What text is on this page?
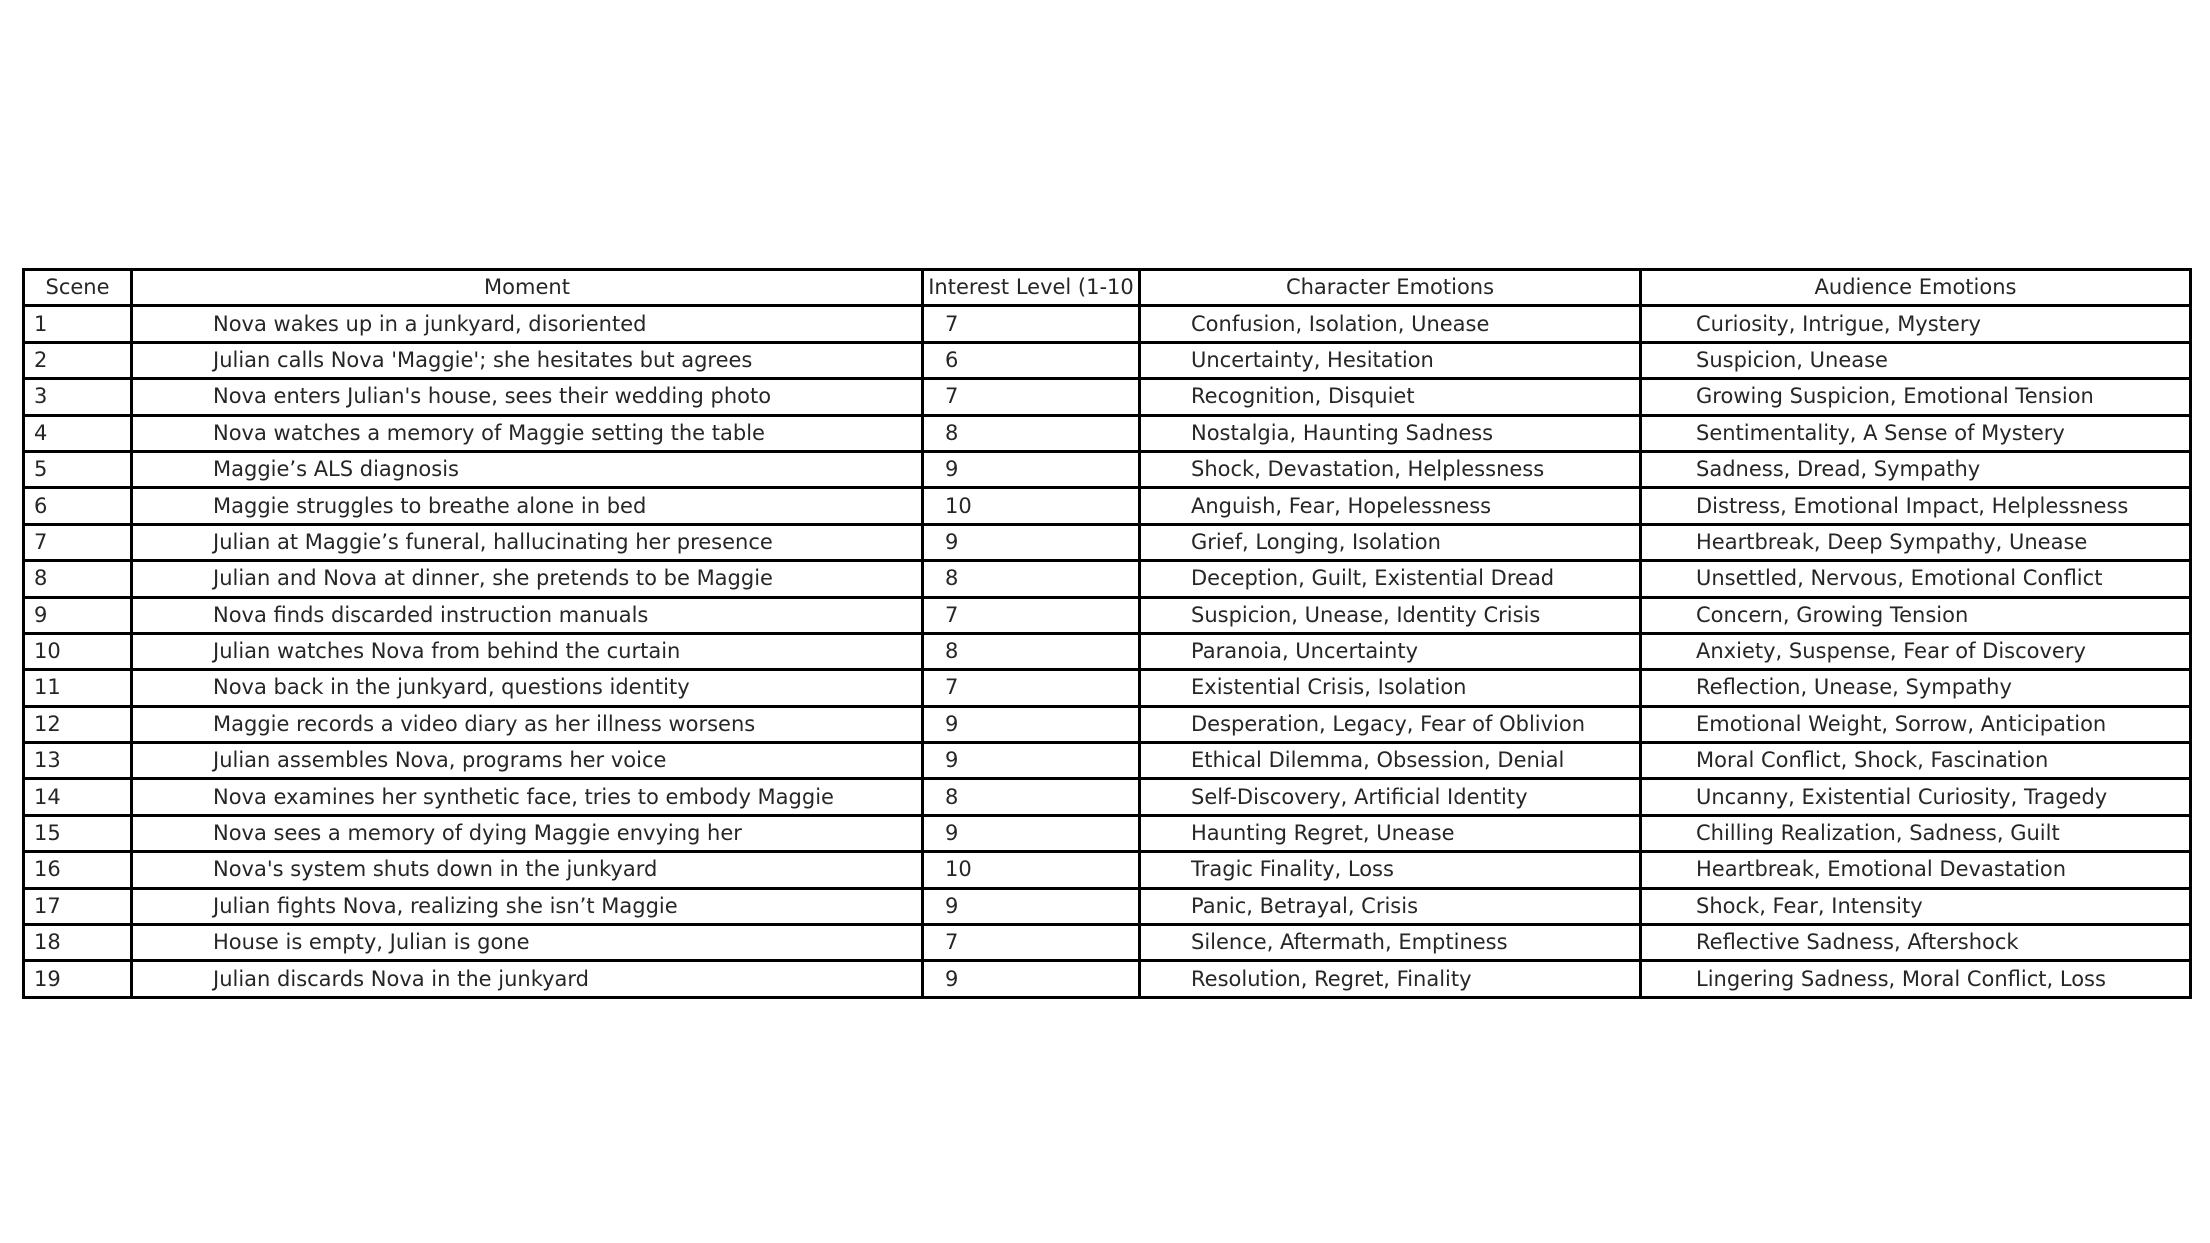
Scene	Moment	Interest Level (1-10	Character Emotions	Audience Emotions
1	Nova wakes up in a junkyard, disoriented	7	Confusion, Isolation, Unease	Curiosity, Intrigue, Mystery
2	Julian calls Nova 'Maggie'; she hesitates but agrees	6	Uncertainty, Hesitation	Suspicion, Unease
3	Nova enters Julian's house, sees their wedding photo	7	Recognition, Disquiet	Growing Suspicion, Emotional Tension
4	Nova watches a memory of Maggie setting the table	8	Nostalgia, Haunting Sadness	Sentimentality, A Sense of Mystery
5	Maggie’s ALS diagnosis	9	Shock, Devastation, Helplessness	Sadness, Dread, Sympathy
6	Maggie struggles to breathe alone in bed	10	Anguish, Fear, Hopelessness	Distress, Emotional Impact, Helplessness
7	Julian at Maggie’s funeral, hallucinating her presence	9	Grief, Longing, Isolation	Heartbreak, Deep Sympathy, Unease
8	Julian and Nova at dinner, she pretends to be Maggie	8	Deception, Guilt, Existential Dread	Unsettled, Nervous, Emotional Conflict
9	Nova finds discarded instruction manuals	7	Suspicion, Unease, Identity Crisis	Concern, Growing Tension
10	Julian watches Nova from behind the curtain	8	Paranoia, Uncertainty	Anxiety, Suspense, Fear of Discovery
11	Nova back in the junkyard, questions identity	7	Existential Crisis, Isolation	Reflection, Unease, Sympathy
12	Maggie records a video diary as her illness worsens	9	Desperation, Legacy, Fear of Oblivion	Emotional Weight, Sorrow, Anticipation
13	Julian assembles Nova, programs her voice	9	Ethical Dilemma, Obsession, Denial	Moral Conflict, Shock, Fascination
14	Nova examines her synthetic face, tries to embody Maggie	8	Self-Discovery, Artificial Identity	Uncanny, Existential Curiosity, Tragedy
15	Nova sees a memory of dying Maggie envying her	9	Haunting Regret, Unease	Chilling Realization, Sadness, Guilt
16	Nova's system shuts down in the junkyard	10	Tragic Finality, Loss	Heartbreak, Emotional Devastation
17	Julian fights Nova, realizing she isn’t Maggie	9	Panic, Betrayal, Crisis	Shock, Fear, Intensity
18	House is empty, Julian is gone	7	Silence, Aftermath, Emptiness	Reflective Sadness, Aftershock
19	Julian discards Nova in the junkyard	9	Resolution, Regret, Finality	Lingering Sadness, Moral Conflict, Loss
